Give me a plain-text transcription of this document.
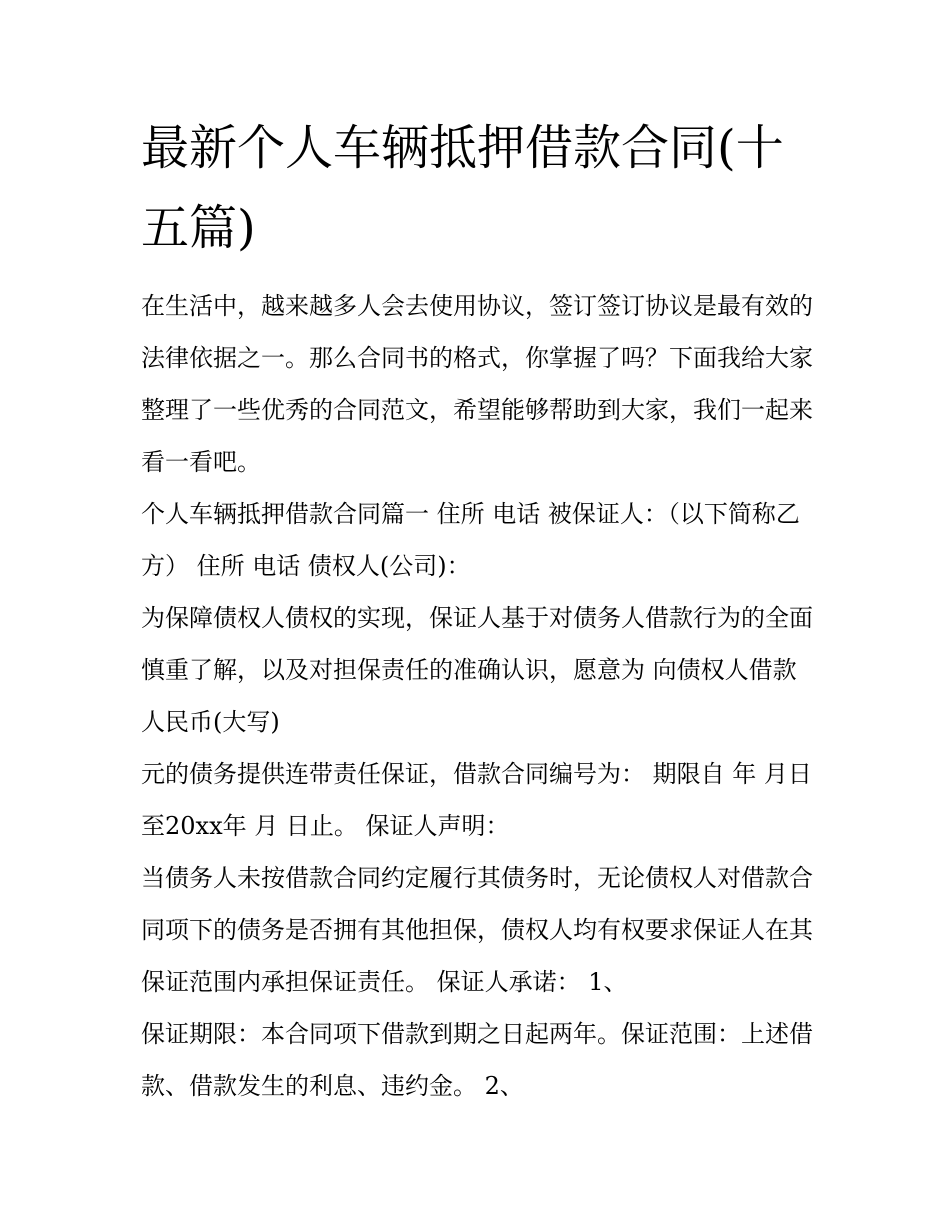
最新个人车辆抵押借款合同(十五篇)

在生活中，越来越多人会去使用协议，签订签订协议是最有效的法律依据之一。那么合同书的格式，你掌握了吗？下面我给大家整理了一些优秀的合同范文，希望能够帮助到大家，我们一起来看一看吧。

个人车辆抵押借款合同篇一 住所 电话 被保证人：（以下简称乙方） 住所 电话 债权人(公司)：

为保障债权人债权的实现，保证人基于对债务人借款行为的全面慎重了解，以及对担保责任的准确认识，愿意为 向债权人借款人民币(大写)

元的债务提供连带责任保证，借款合同编号为： 期限自 年 月日至20xx年 月 日止。 保证人声明：

当债务人未按借款合同约定履行其债务时，无论债权人对借款合同项下的债务是否拥有其他担保，债权人均有权要求保证人在其保证范围内承担保证责任。 保证人承诺： 1、

保证期限：本合同项下借款到期之日起两年。保证范围：上述借款、借款发生的利息、违约金。 2、
